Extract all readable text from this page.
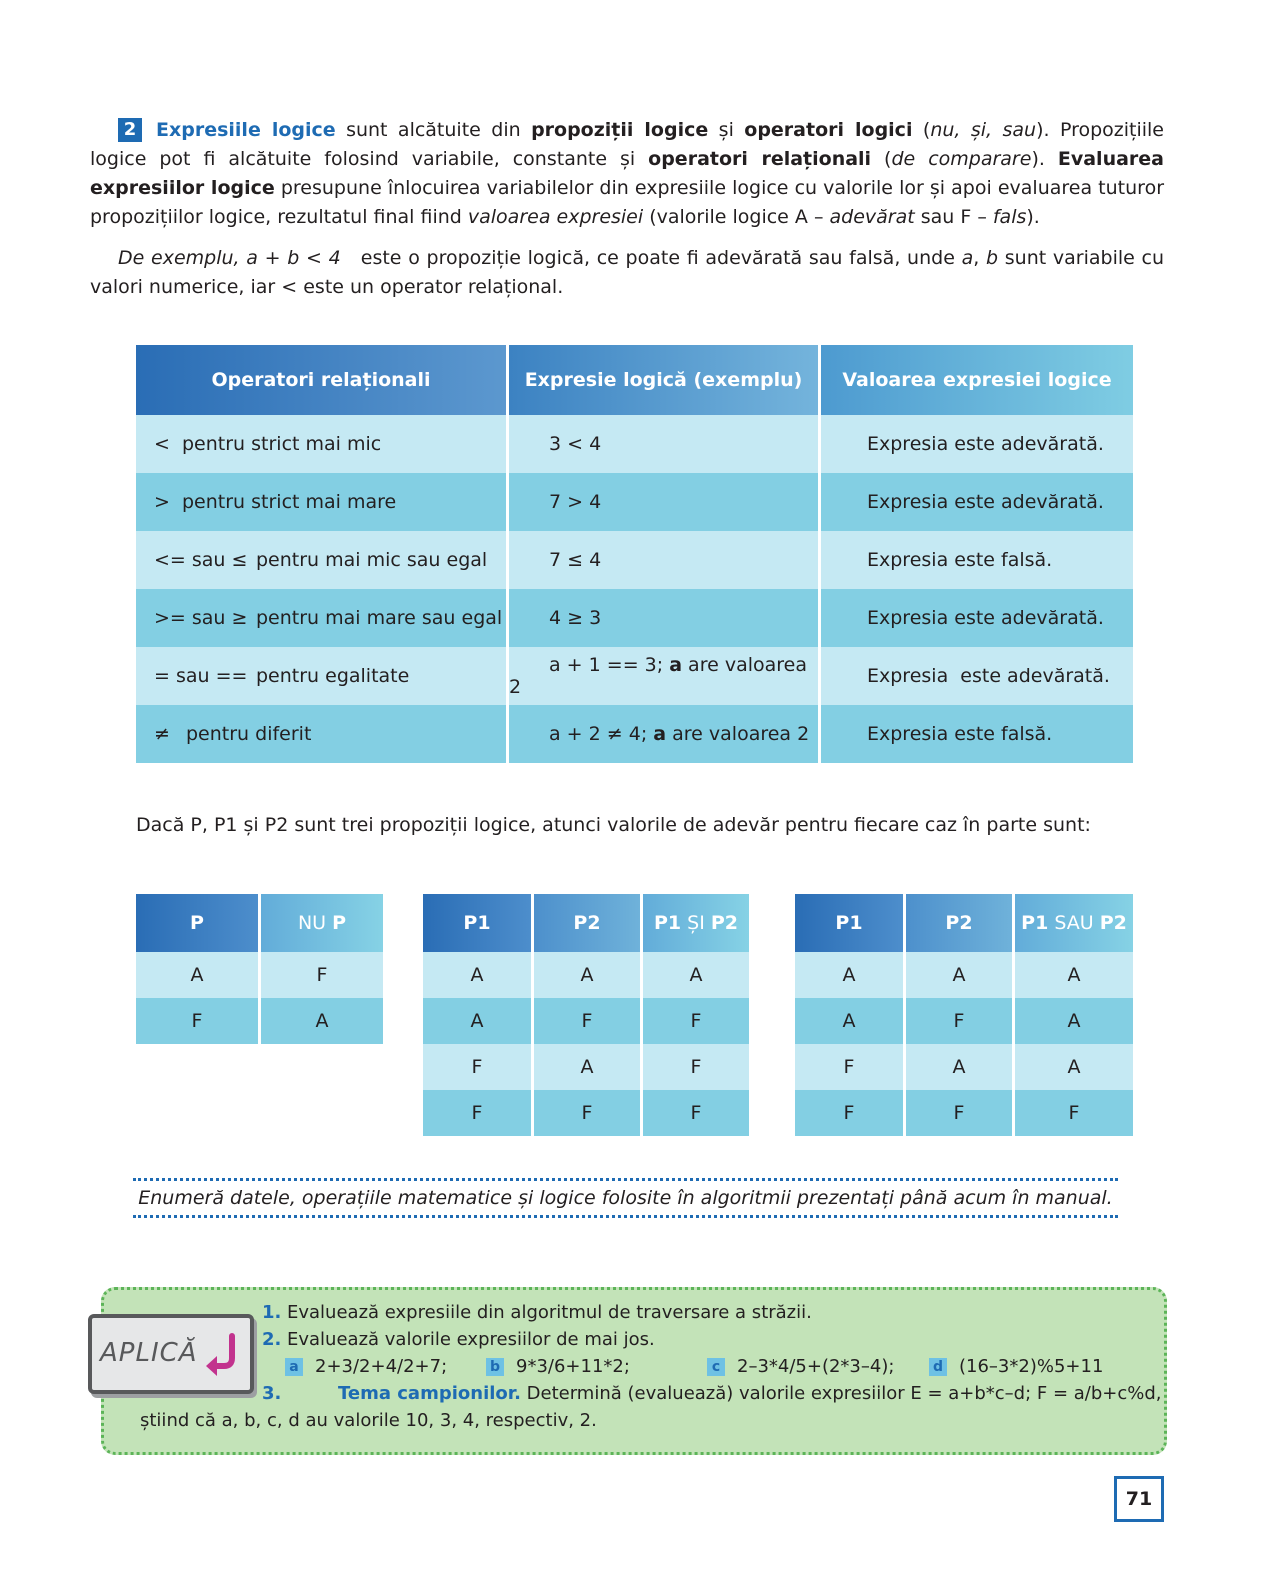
2 Expresiile logice sunt alcătuite din propoziții logice și operatori logici (nu, și, sau). Propozițiile logice pot fi alcătuite folosind variabile, constante și operatori relaționali (de comparare). Evaluarea expresiilor logice presupune înlocuirea variabilelor din expresiile logice cu valorile lor și apoi evaluarea tuturor propozițiilor logice, rezultatul final fiind valoarea expresiei (valorile logice A – adevărat sau F – fals).

De exemplu, a + b < 4   este o propoziție logică, ce poate fi adevărată sau falsă, unde a, b sunt variabile cu valori numerice, iar < este un operator relațional.

Operatori relaționali		Expresie logică (exemplu)		Valoarea expresiei logice
< pentru strict mai mic		3 < 4		Expresia este adevărată.
> pentru strict mai mare		7 > 4		Expresia este adevărată.
<= sau ≤ pentru mai mic sau egal		7 ≤ 4		Expresia este falsă.
>= sau ≥ pentru mai mare sau egal		4 ≥ 3		Expresia este adevărată.
= sau == pentru egalitate		a + 1 == 3; a are valoarea 2		Expresia  este adevărată.
≠ pentru diferit		a + 2 ≠ 4; a are valoarea 2		Expresia este falsă.
Dacă P, P1 și P2 sunt trei propoziții logice, atunci valorile de adevăr pentru fiecare caz în parte sunt:
P		NU P
A		F
F		A
P1		P2		P1 ȘI P2
A		A		A
A		F		F
F		A		F
F		F		F
P1		P2		P1 SAU P2
A		A		A
A		F		A
F		A		A
F		F		F
Enumeră datele, operațiile matematice și logice folosite în algoritmii prezentați până acum în manual.
APLICĂ
1. Evaluează expresiile din algoritmul de traversare a străzii.
2. Evaluează valorile expresiilor de mai jos.
a 2+3/2+4/2+7;	b 9*3/6+11*2;	c 2–3*4/5+(2*3–4);	d (16–3*2)%5+11
3.	Tema campionilor. Determină (evaluează) valorile expresiilor E = a+b*c–d; F = a/b+c%d,
știind că a, b, c, d au valorile 10, 3, 4, respectiv, 2.
71
